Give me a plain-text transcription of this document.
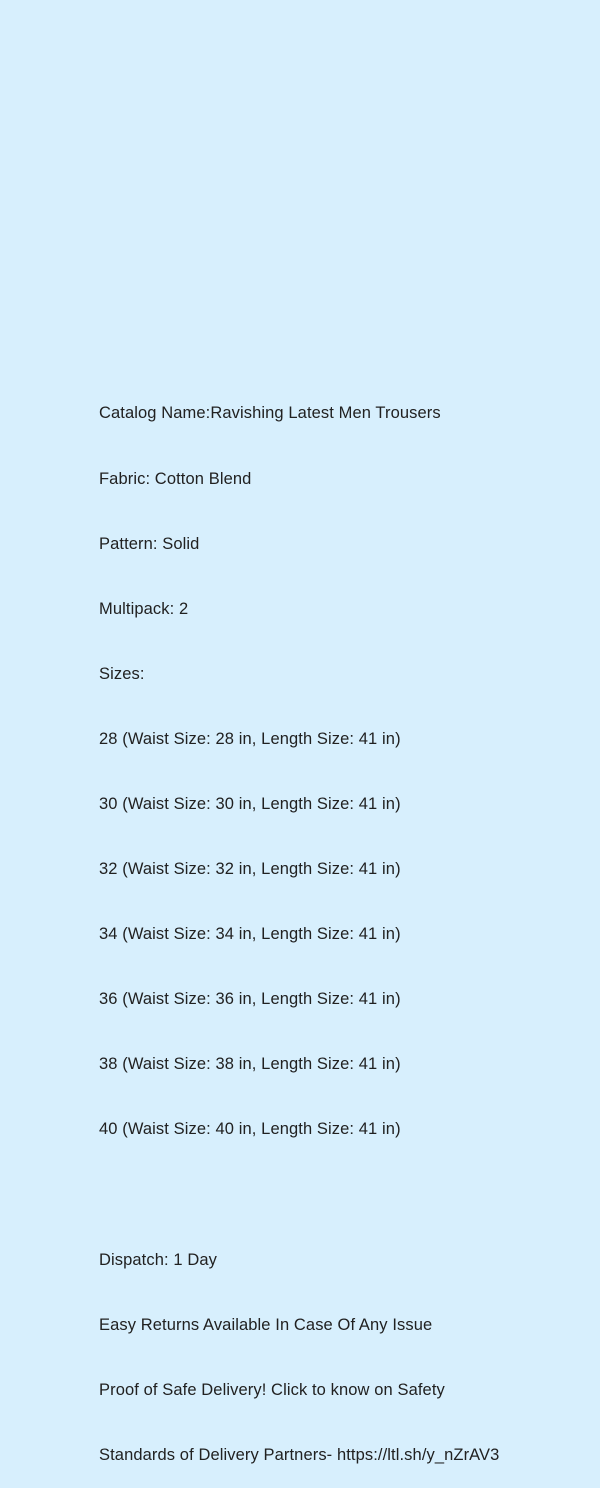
Catalog Name:Ravishing Latest Men Trousers

Fabric: Cotton Blend

Pattern: Solid

Multipack: 2

Sizes:

28 (Waist Size: 28 in, Length Size: 41 in)

30 (Waist Size: 30 in, Length Size: 41 in)

32 (Waist Size: 32 in, Length Size: 41 in)

34 (Waist Size: 34 in, Length Size: 41 in)

36 (Waist Size: 36 in, Length Size: 41 in)

38 (Waist Size: 38 in, Length Size: 41 in)

40 (Waist Size: 40 in, Length Size: 41 in)

Dispatch: 1 Day

Easy Returns Available In Case Of Any Issue

Proof of Safe Delivery! Click to know on Safety

Standards of Delivery Partners- https://ltl.sh/y_nZrAV3
